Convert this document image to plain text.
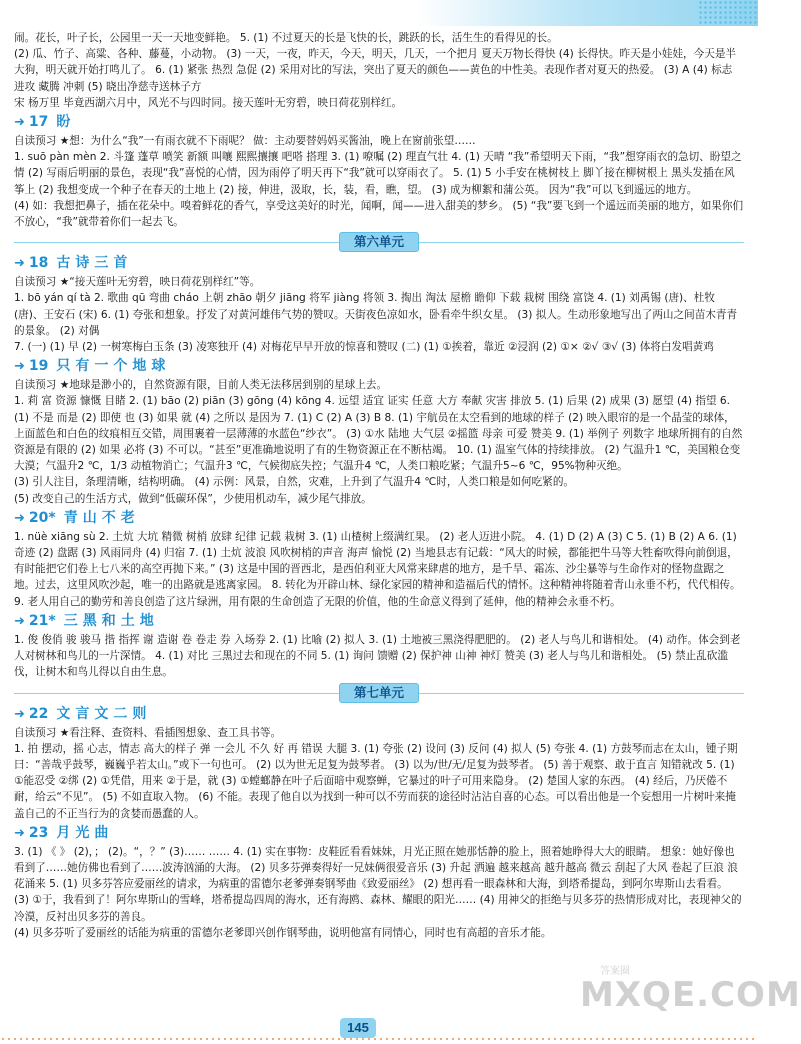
闹。花长，叶子长，公园里一天一天地变鲜艳。 5. (1) 不过夏天的长是飞快的长，跳跃的长，活生生的看得见的长。

(2) 瓜、竹子、高粱、各种、藤蔓，小动物。 (3) 一天，一夜，昨天，今天，明天，几天，一个把月 夏天万物长得快 (4) 长得快。昨天是小娃娃，今天是半大狗，明天就开始打鸣儿了。 6. (1) 紧张 热烈 急促 (2) 采用对比的写法，突出了夏天的颜色——黄色的中性美。表现作者对夏天的热爱。 (3) A (4) 标志 进攻 藏腾 冲刺 (5) 晓出净慈寺送林子方

宋 杨万里 毕竟西湖六月中，风光不与四时同。接天莲叶无穷碧，映日荷花别样红。

➜ 17 盼

自读预习 ★想：为什么“我”一有雨衣就不下雨呢？ 做：主动要替妈妈买酱油，晚上在窗前张望……

1. suō pàn mèn 2. 斗篷 蓬草 喷笑 新额 叫嚷 熙熙攘攘 吧嗒 搭理 3. (1) 嘹嘱 (2) 理直气壮 4. (1) 天晴 “我”希望明天下雨，“我”想穿雨衣的急切、盼望之情 (2) 写雨后明丽的景色，表现“我”喜悦的心情，因为雨停了明天再下“我”就可以穿雨衣了。 5. (1) 5 小手安在桃树枝上 脚丫接在柳树根上 黑头发插在风筝上 (2) 我想变成一个种子在春天的土地上 (2) 接，伸进，汲取，长，装，看，瞧，望。 (3) 成为柳絮和蒲公英。 因为“我”可以飞到遥远的地方。

(4) 如：我想把鼻子，插在花朵中。嗅着鲜花的香气，享受这美好的时光，闻啊，闻——进入甜美的梦乡。 (5) “我”要飞到一个遥远而美丽的地方，如果你们不放心，“我”就带着你们一起去飞。

第六单元
➜ 18 古诗三首

自读预习 ★“接天莲叶无穷碧，映日荷花别样红”等。

1. bō yán qí tà 2. 歌曲 qū 弯曲 cháo 上朝 zhāo 朝夕 jiāng 将军 jiàng 将领 3. 掏出 淘汰 屋檐 瞻仰 下载 栽树 围绕 富饶 4. (1) 刘禹锡 (唐)、杜牧 (唐)、王安石 (宋) 6. (1) 夸张和想象。抒发了对黄河雄伟气势的赞叹。天街夜色凉如水，卧看牵牛织女星。 (3) 拟人。生动形象地写出了两山之间苗木青青的景象。 (2) 对偶

7. (一) (1) 早 (2) 一树寒梅白玉条 (3) 凌寒独开 (4) 对梅花早早开放的惊喜和赞叹 (二) (1) ①挨着，靠近 ②浸润 (2) ①× ②√ ③√ (3) 体将白发唱黄鸡

➜ 19 只有一个地球

自读预习 ★地球是渺小的，自然资源有限，目前人类无法移居到别的星球上去。

1. 莉 富 资源 慷慨 目睹 2. (1) bāo (2) piān (3) gōng (4) kōng 4. 远望 适宜 证实 任意 大方 奉献 灾害 排放 5. (1) 后果 (2) 成果 (3) 愿望 (4) 指望 6. (1) 不是 而是 (2) 即使 也 (3) 如果 就 (4) 之所以 是因为 7. (1) C (2) A (3) B 8. (1) 宇航员在太空看到的地球的样子 (2) 映入眼帘的是一个晶莹的球体，上面蓝色和白色的纹痕相互交错，周围裹着一层薄薄的水蓝色“纱衣”。 (3) ①水 陆地 大气层 ②摇篮 母亲 可爱 赞美 9. (1) 举例子 列数字 地球所拥有的自然资源是有限的 (2) 如果 必将 (3) 不可以。“甚至”更准确地说明了有的生物资源正在不断枯竭。 10. (1) 温室气体的持续排放。 (2) 气温升1 ℃，美国粮仓变大漠；气温升2 ℃，1/3 动植物消亡；气温升3 ℃，气候彻底失控；气温升4 ℃，人类口粮吃紧；气温升5~6 ℃，95%物种灭绝。

(3) 引人注目，条理清晰，结构明确。 (4) 示例：风景，自然，灾难，上升到了气温升4 ℃时，人类口粮是如何吃紧的。

(5) 改变自己的生活方式，做到“低碳环保”，少使用机动车，减少尾气排放。

➜ 20* 青山不老

1. nüè xiāng sù 2. 土炕 大坑 精微 树梢 放肆 纪律 记载 栽树 3. (1) 山楂树上缀满红果。 (2) 老人迈进小院。 4. (1) D (2) A (3) C 5. (1) B (2) A 6. (1) 奇迹 (2) 盘踞 (3) 风雨同舟 (4) 归宿 7. (1) 土炕 波浪 风吹树梢的声音 海声 愉悦 (2) 当地县志有记载：“风大的时候，都能把牛马等大牲畜吹得向前倒退，有时能把它们卷上七八米的高空再抛下来。” (3) 这是中国的晋西北，是西伯利亚大风常来肆虐的地方，是千旱、霜冻、沙尘暴等与生命作对的怪物盘踞之地。过去，这里风吹沙起，唯一的出路就是逃离家园。 8. 转化为开辟山林、绿化家园的精神和造福后代的情怀。这种精神将随着青山永垂不朽，代代相传。 9. 老人用自己的勤劳和善良创造了这片绿洲，用有限的生命创造了无限的价值，他的生命意义得到了延伸，他的精神会永垂不朽。

➜ 21* 三黑和土地

1. 俊 俊俏 骏 骏马 揩 指挥 谢 造谢 卷 卷走 券 入场券 2. (1) 比喻 (2) 拟人 3. (1) 土地被三黑浇得肥肥的。 (2) 老人与鸟儿和谐相处。 (4) 动作。体会到老人对树林和鸟儿的一片深情。 4. (1) 对比 三黑过去和现在的不同 5. (1) 询问 馈赠 (2) 保护神 山神 神灯 赞美 (3) 老人与鸟儿和谐相处。 (5) 禁止乱砍滥伐，让树木和鸟儿得以自由生息。

第七单元
➜ 22 文言文二则

自读预习 ★看注释、查资料、看插图想象、查工具书等。

1. 拍 摆动，摇 心志，情志 高大的样子 弹 一会儿 不久 好 再 错误 大腿 3. (1) 夸张 (2) 设问 (3) 反问 (4) 拟人 (5) 夸张 4. (1) 方鼓琴而志在太山，锺子期曰：“善哉乎鼓琴，巍巍乎若太山。”或下一句也可。 (2) 以为世无足复为鼓琴者。 (3) 以为/世/无/足复为鼓琴者。 (5) 善于观察、敢于直言 知错就改 5. (1) ①能忍受 ②绑 (2) ①凭借，用来 ②于是，就 (3) ①螳螂静在叶子后面暗中观察蝉，它暴过的叶子可用来隐身。 (2) 楚国人家的东西。 (4) 经后，乃厌倦不耐，给云“不见”。 (5) 不如直取入物。 (6) 不能。表现了他自以为找到一种可以不劳而获的途径时沾沾自喜的心态。可以看出他是一个妄想用一片树叶来掩盖自己的不正当行为的贪婪而愚蠢的人。

➜ 23 月光曲

3. (1) 《 》 (2)，； (2)。“，？” (3)…… …… 4. (1) 实在事物：皮鞋匠看看妹妹，月光正照在她那恬静的脸上，照着她睁得大大的眼睛。 想象：她好像也看到了……她仿佛也看到了……波涛汹涌的大海。 (2) 贝多芬弹奏得好一兄妹俩很爱音乐 (3) 升起 洒遍 越来越高 越升越高 微云 刮起了大风 卷起了巨浪 浪花涌来 5. (1) 贝多芬答应爱丽丝的请求，为病重的雷德尔老爹弹奏钢琴曲《致爱丽丝》 (2) 想再看一眼森林和大海，到塔希提岛，到阿尔卑斯山去看看。 (3) ①于，我看到了！阿尔卑斯山的雪峰，塔希提岛四周的海水，还有海鸥、森林、耀眼的阳光…… (4) 用神父的拒绝与贝多芬的热情形成对比，表现神父的冷漠，反衬出贝多芬的善良。

(4) 贝多芬听了爱丽丝的话能为病重的雷德尔老爹即兴创作钢琴曲，说明他富有同情心，同时也有高超的音乐才能。

答案圈
MXQE.COM
145
